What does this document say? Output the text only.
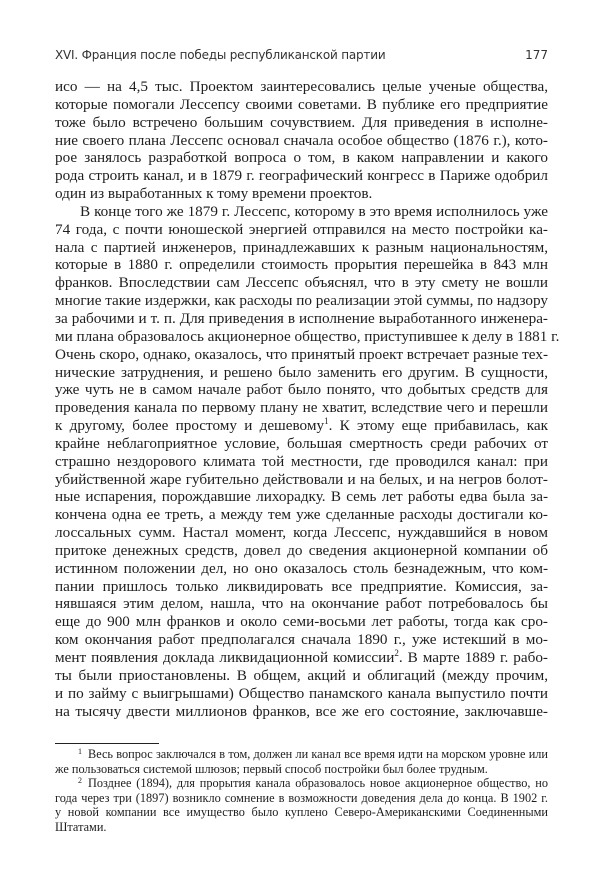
XVI. Франция после победы республиканской партии	177
исо — на 4,5 тыс. Проектом заинтересовались целые ученые общества,
которые помогали Лессепсу своими советами. В публике его предприятие
тоже было встречено большим сочувствием. Для приведения в исполне-
ние своего плана Лессепс основал сначала особое общество (1876 г.), кото-
рое занялось разработкой вопроса о том, в каком направлении и какого
рода строить канал, и в 1879 г. географический конгресс в Париже одобрил
один из выработанных к тому времени проектов.
В конце того же 1879 г. Лессепс, которому в это время исполнилось уже
74 года, с почти юношеской энергией отправился на место постройки ка-
нала с партией инженеров, принадлежавших к разным национальностям,
которые в 1880 г. определили стоимость прорытия перешейка в 843 млн
франков. Впоследствии сам Лессепс объяснял, что в эту смету не вошли
многие такие издержки, как расходы по реализации этой суммы, по надзору
за рабочими и т. п. Для приведения в исполнение выработанного инженера-
ми плана образовалось акционерное общество, приступившее к делу в 1881 г.
Очень скоро, однако, оказалось, что принятый проект встречает разные тех-
нические затруднения, и решено было заменить его другим. В сущности,
уже чуть не в самом начале работ было понято, что добытых средств для
проведения канала по первому плану не хватит, вследствие чего и перешли
к другому, более простому и дешевому$^1$. К этому еще прибавилась, как
крайне неблагоприятное условие, большая смертность среди рабочих от
страшно нездорового климата той местности, где проводился канал: при
убийственной жаре губительно действовали и на белых, и на негров болот-
ные испарения, порождавшие лихорадку. В семь лет работы едва была за-
кончена одна ее треть, а между тем уже сделанные расходы достигали ко-
лоссальных сумм. Настал момент, когда Лессепс, нуждавшийся в новом
притоке денежных средств, довел до сведения акционерной компании об
истинном положении дел, но оно оказалось столь безнадежным, что ком-
пании пришлось только ликвидировать все предприятие. Комиссия, за-
нявшаяся этим делом, нашла, что на окончание работ потребовалось бы
еще до 900 млн франков и около семи-восьми лет работы, тогда как сро-
ком окончания работ предполагался сначала 1890 г., уже истекший в мо-
мент появления доклада ликвидационной комиссии$^2$. В марте 1889 г. рабо-
ты были приостановлены. В общем, акций и облигаций (между прочим,
и по займу с выигрышами) Общество панамского канала выпустило почти
на тысячу двести миллионов франков, все же его состояние, заключавше-
$^1$ Весь вопрос заключался в том, должен ли канал все время идти на морском уровне или
же пользоваться системой шлюзов; первый способ постройки был более трудным.
$^2$ Позднее (1894), для прорытия канала образовалось новое акционерное общество, но
года через три (1897) возникло сомнение в возможности доведения дела до конца. В 1902 г.
у новой компании все имущество было куплено Северо-Американскими Соединенными
Штатами.
